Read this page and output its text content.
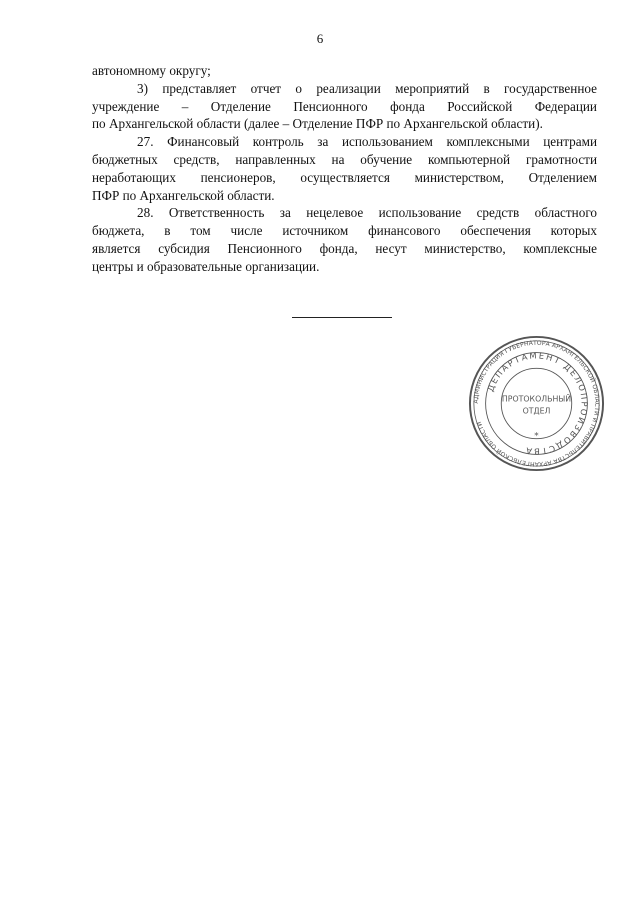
6
автономному округу;
3) представляет отчет о реализации мероприятий в государственное
учреждение – Отделение Пенсионного фонда Российской Федерации
по Архангельской области (далее – Отделение ПФР по Архангельской области).
27. Финансовый контроль за использованием комплексными центрами
бюджетных средств, направленных на обучение компьютерной грамотности
неработающих пенсионеров, осуществляется министерством, Отделением
ПФР по Архангельской области.
28. Ответственность за нецелевое использование средств областного
бюджета, в том числе источником финансового обеспечения которых
является субсидия Пенсионного фонда, несут министерство, комплексные
центры и образовательные организации.
АДМИНИСТРАЦИЯ ГУБЕРНАТОРА АРХАНГЕЛЬСКОЙ ОБЛАСТИ И ПРАВИТЕЛЬСТВА АРХАНГЕЛЬСКОЙ ОБЛАСТИ
ДЕПАРТАМЕНТ ДЕЛОПРОИЗВОДСТВА
ПРОТОКОЛЬНЫЙ
ОТДЕЛ
*
